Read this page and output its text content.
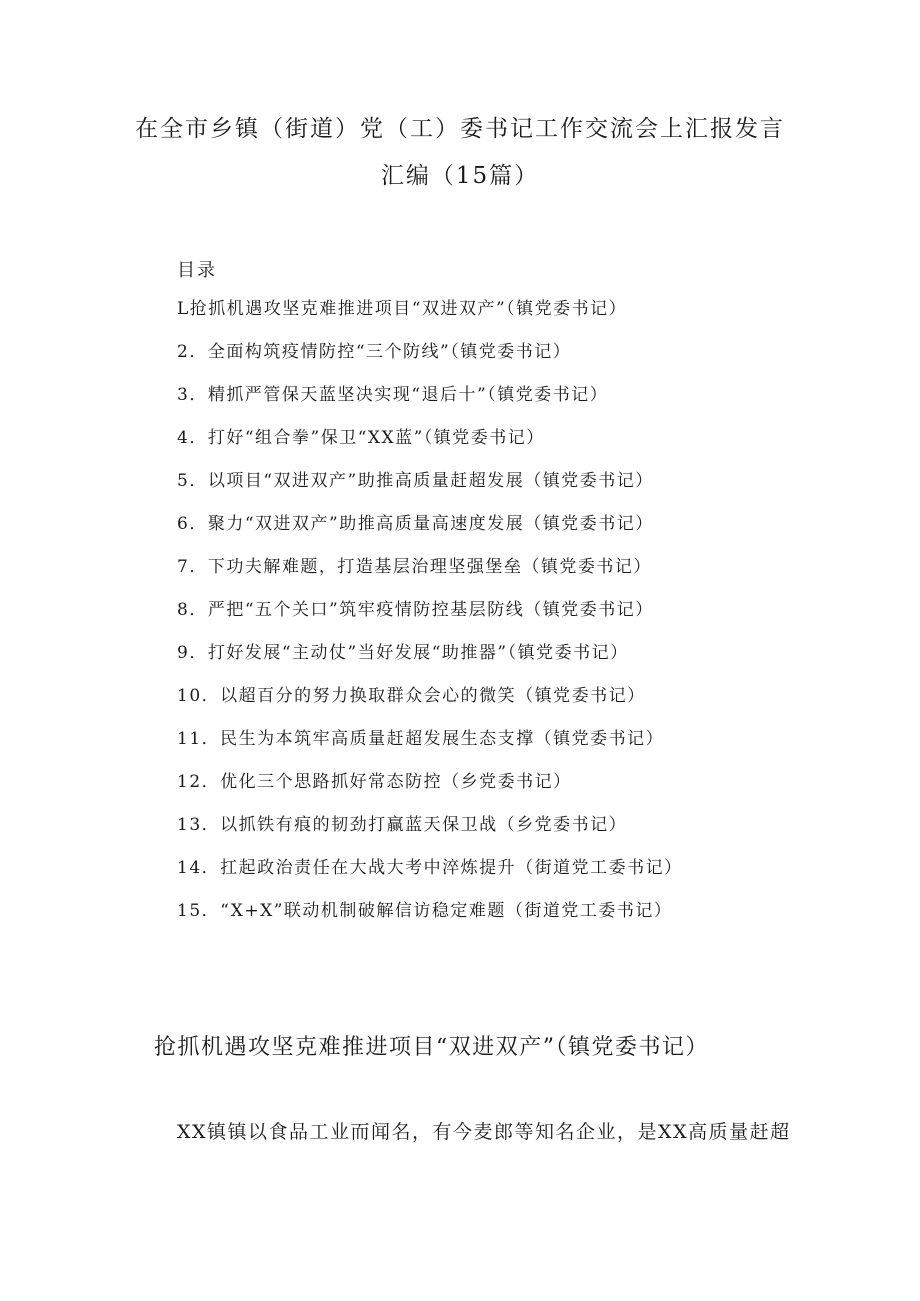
在全市乡镇（街道）党（工）委书记工作交流会上汇报发言
汇编（15篇）
目录
L抢抓机遇攻坚克难推进项目“双进双产”（镇党委书记）
2．全面构筑疫情防控“三个防线”（镇党委书记）
3．精抓严管保天蓝坚决实现“退后十”（镇党委书记）
4．打好“组合拳”保卫“XX蓝”（镇党委书记）
5．以项目“双进双产”助推高质量赶超发展（镇党委书记）
6．聚力“双进双产”助推高质量高速度发展（镇党委书记）
7．下功夫解难题，打造基层治理坚强堡垒（镇党委书记）
8．严把“五个关口”筑牢疫情防控基层防线（镇党委书记）
9．打好发展“主动仗”当好发展“助推器”（镇党委书记）
10．以超百分的努力换取群众会心的微笑（镇党委书记）
11．民生为本筑牢高质量赶超发展生态支撑（镇党委书记）
12．优化三个思路抓好常态防控（乡党委书记）
13．以抓铁有痕的韧劲打赢蓝天保卫战（乡党委书记）
14．扛起政治责任在大战大考中淬炼提升（街道党工委书记）
15．“X+X”联动机制破解信访稳定难题（街道党工委书记）
抢抓机遇攻坚克难推进项目“双进双产”（镇党委书记）
XX镇镇以食品工业而闻名，有今麦郎等知名企业，是XX高质量赶超
